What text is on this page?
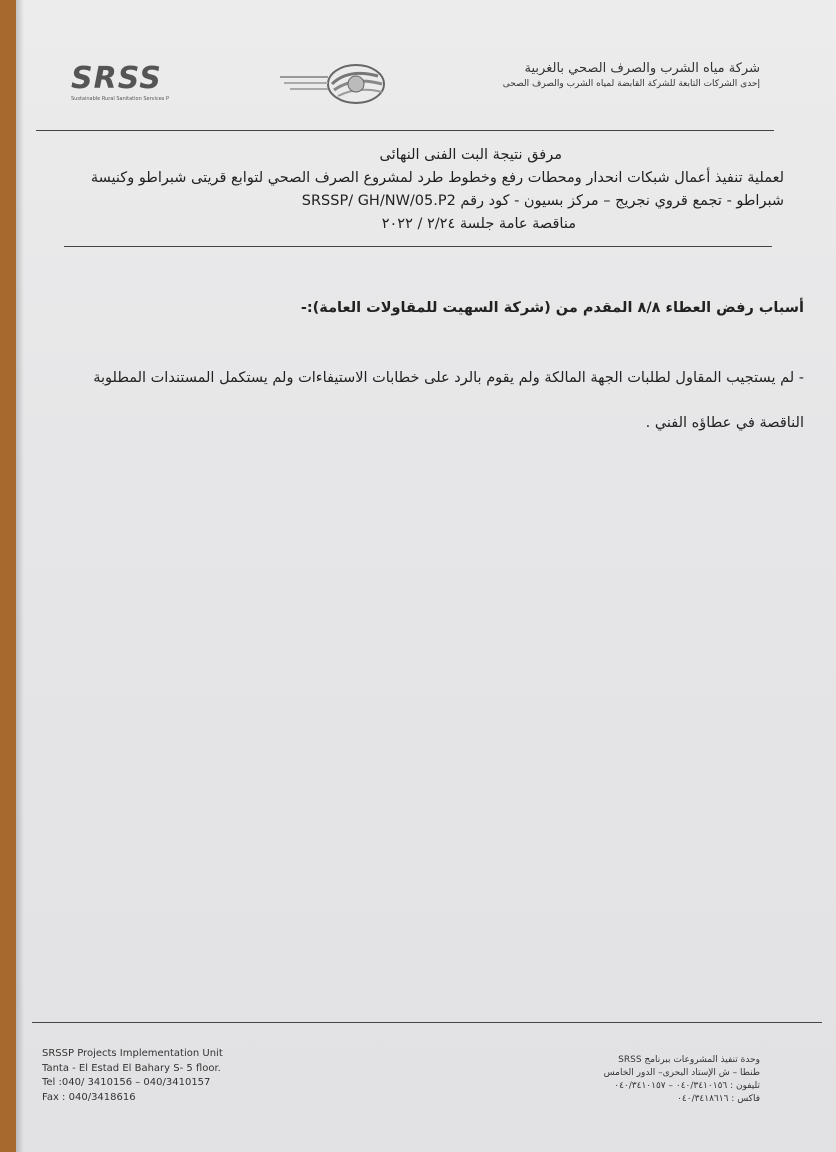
SRSS
Sustainable Rural Sanitation Services P
شركة مياه الشرب والصرف الصحي بالغربية
إحدى الشركات التابعة للشركة القابضة لمياه الشرب والصرف الصحى
مرفق نتيجة البت الفنى النهائى
لعملية تنفيذ أعمال شبكات انحدار ومحطات رفع وخطوط طرد لمشروع الصرف الصحي لتوابع قريتى شبراطو وكنيسة
شبراطو - تجمع قروي نجريج – مركز بسيون - كود رقم SRSSP/ GH/NW/05.P2
مناقصة عامة جلسة ٢/٢٤ / ٢٠٢٢
أسباب رفض العطاء ٨/٨ المقدم من (شركة السهيت للمقاولات العامة):-
- لم يستجيب المقاول لطلبات الجهة المالكة ولم يقوم بالرد على خطابات الاستيفاءات ولم يستكمل المستندات المطلوبة
الناقصة في عطاؤه الفني .
SRSSP Projects Implementation Unit
Tanta - El Estad El Bahary S- 5 floor.
Tel :040/ 3410156 – 040/3410157
Fax : 040/3418616
وحدة تنفيذ المشروعات ببرنامج SRSS
طنطا – ش الإستاد البحرى– الدور الخامس
تليفون : ٠٤٠/٣٤١٠١٥٦ – ٠٤٠/٣٤١٠١٥٧
فاكس : ٠٤٠/٣٤١٨٦١٦
